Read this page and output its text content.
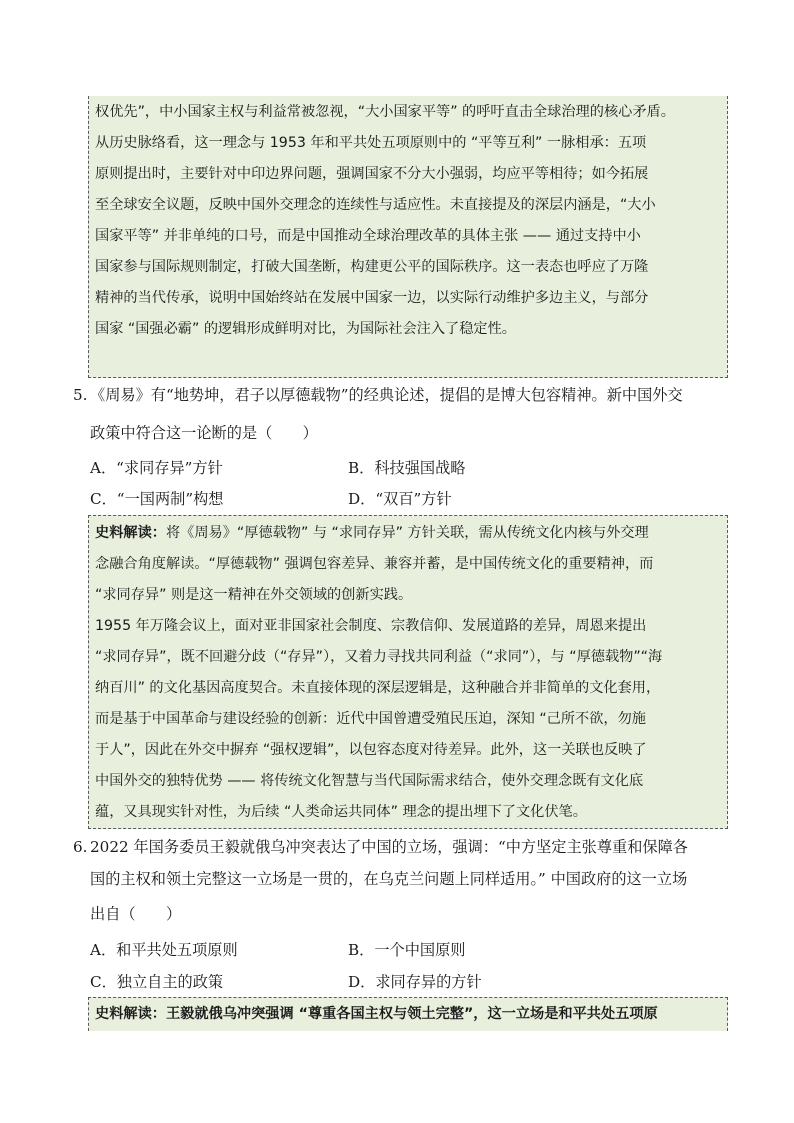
权优先”，中小国家主权与利益常被忽视，“大小国家平等” 的呼吁直击全球治理的核心矛盾。

从历史脉络看，这一理念与 1953 年和平共处五项原则中的 “平等互利” 一脉相承：五项

原则提出时，主要针对中印边界问题，强调国家不分大小强弱，均应平等相待；如今拓展

至全球安全议题，反映中国外交理念的连续性与适应性。未直接提及的深层内涵是，“大小

国家平等” 并非单纯的口号，而是中国推动全球治理改革的具体主张 —— 通过支持中小

国家参与国际规则制定，打破大国垄断，构建更公平的国际秩序。这一表态也呼应了万隆

精神的当代传承，说明中国始终站在发展中国家一边，以实际行动维护多边主义，与部分

国家 “国强必霸” 的逻辑形成鲜明对比，为国际社会注入了稳定性。

5. 《周易》有“地势坤，君子以厚德载物”的经典论述，提倡的是博大包容精神。新中国外交
政策中符合这一论断的是（　　）
A．“求同存异”方针	B．科技强国战略
C．“一国两制”构想	D．“双百”方针

史料解读：将《周易》“厚德载物” 与 “求同存异” 方针关联，需从传统文化内核与外交理

念融合角度解读。“厚德载物” 强调包容差异、兼容并蓄，是中国传统文化的重要精神，而

“求同存异” 则是这一精神在外交领域的创新实践。

1955 年万隆会议上，面对亚非国家社会制度、宗教信仰、发展道路的差异，周恩来提出

“求同存异”，既不回避分歧（“存异”），又着力寻找共同利益（“求同”），与 “厚德载物”“海

纳百川” 的文化基因高度契合。未直接体现的深层逻辑是，这种融合并非简单的文化套用，

而是基于中国革命与建设经验的创新：近代中国曾遭受殖民压迫，深知 “己所不欲，勿施

于人”，因此在外交中摒弃 “强权逻辑”，以包容态度对待差异。此外，这一关联也反映了

中国外交的独特优势 —— 将传统文化智慧与当代国际需求结合，使外交理念既有文化底

蕴，又具现实针对性，为后续 “人类命运共同体” 理念的提出埋下了文化伏笔。

6. 2022 年国务委员王毅就俄乌冲突表达了中国的立场，强调：“中方坚定主张尊重和保障各
国的主权和领土完整这一立场是一贯的，在乌克兰问题上同样适用。” 中国政府的这一立场
出自（　　）
A．和平共处五项原则	B．一个中国原则
C．独立自主的政策	D．求同存异的方针

史料解读：王毅就俄乌冲突强调 “尊重各国主权与领土完整”，这一立场是和平共处五项原
